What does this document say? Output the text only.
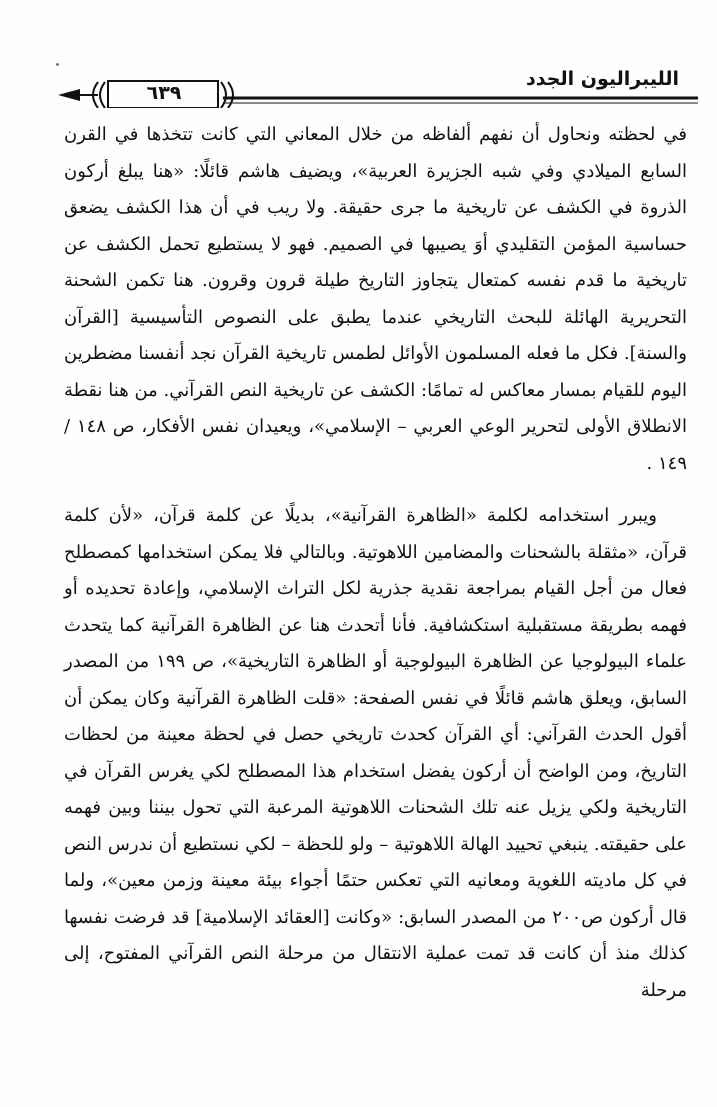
الليبراليون الجدد
٦٣٩

في لحظته ونحاول أن نفهم ألفاظه من خلال المعاني التي كانت تتخذها في القرن السابع الميلادي وفي شبه الجزيرة العربية»، ويضيف هاشم قائلًا: «هنا يبلغ أركون الذروة في الكشف عن تاريخية ما جرى حقيقة. ولا ريب في أن هذا الكشف يضعق حساسية المؤمن التقليدي أوَ يصيبها في الصميم. فهو لا يستطيع تحمل الكشف عن تاريخية ما قدم نفسه كمتعال يتجاوز التاريخ طيلة قرون وقرون. هنا تكمن الشحنة التحريرية الهائلة للبحث التاريخي عندما يطبق على النصوص التأسيسية [القرآن والسنة]. فكل ما فعله المسلمون الأوائل لطمس تاريخية القرآن نجد أنفسنا مضطرين اليوم للقيام بمسار معاكس له تمامًا: الكشف عن تاريخية النص القرآني. من هنا نقطة الانطلاق الأولى لتحرير الوعي العربي – الإسلامي»، ويعيدان نفس الأفكار، ص ١٤٨ / ١٤٩ .

ويبرر استخدامه لكلمة «الظاهرة القرآنية»، بديلًا عن كلمة قرآن، «لأن كلمة قرآن، «مثقلة بالشحنات والمضامين اللاهوتية. وبالتالي فلا يمكن استخدامها كمصطلح فعال من أجل القيام بمراجعة نقدية جذرية لكل التراث الإسلامي، وإعادة تحديده أو فهمه بطريقة مستقبلية استكشافية. فأنا أتحدث هنا عن الظاهرة القرآنية كما يتحدث علماء البيولوجيا عن الظاهرة البيولوجية أو الظاهرة التاريخية»، ص ١٩٩ من المصدر السابق، ويعلق هاشم قائلًا في نفس الصفحة: «قلت الظاهرة القرآنية وكان يمكن أن أقول الحدث القرآني: أي القرآن كحدث تاريخي حصل في لحظة معينة من لحظات التاريخ، ومن الواضح أن أركون يفضل استخدام هذا المصطلح لكي يغرس القرآن في التاريخية ولكي يزيل عنه تلك الشحنات اللاهوتية المرعبة التي تحول بيننا وبين فهمه على حقيقته. ينبغي تحييد الهالة اللاهوتية – ولو للحظة – لكي نستطيع أن ندرس النص في كل ماديته اللغوية ومعانيه التي تعكس حتمًا أجواء بيئة معينة وزمن معين»، ولما قال أركون ص٢٠٠ من المصدر السابق: «وكانت [العقائد الإسلامية] قد فرضت نفسها كذلك منذ أن كانت قد تمت عملية الانتقال من مرحلة النص القرآني المفتوح، إلى مرحلة
